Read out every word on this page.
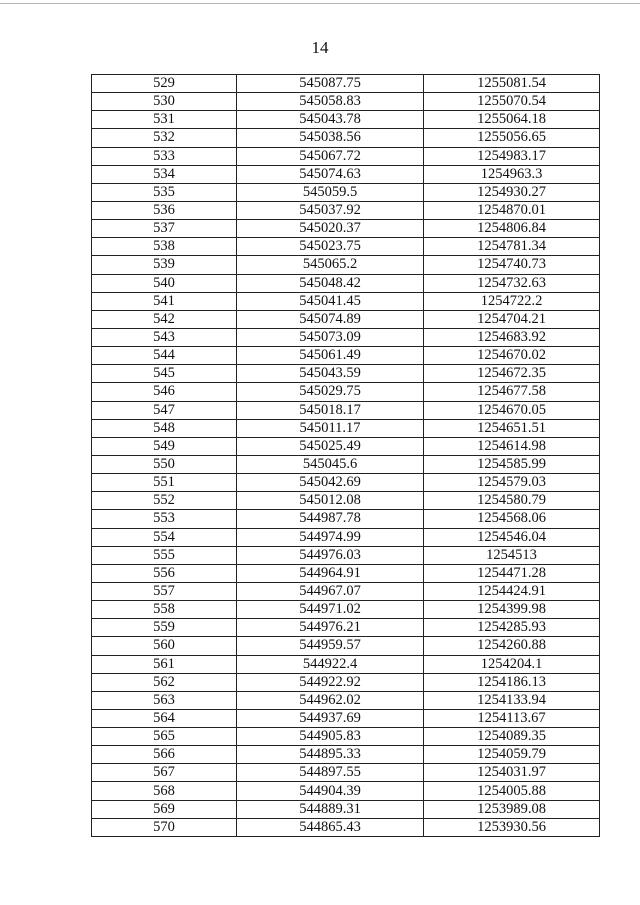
14
529	545087.75	1255081.54
530	545058.83	1255070.54
531	545043.78	1255064.18
532	545038.56	1255056.65
533	545067.72	1254983.17
534	545074.63	1254963.3
535	545059.5	1254930.27
536	545037.92	1254870.01
537	545020.37	1254806.84
538	545023.75	1254781.34
539	545065.2	1254740.73
540	545048.42	1254732.63
541	545041.45	1254722.2
542	545074.89	1254704.21
543	545073.09	1254683.92
544	545061.49	1254670.02
545	545043.59	1254672.35
546	545029.75	1254677.58
547	545018.17	1254670.05
548	545011.17	1254651.51
549	545025.49	1254614.98
550	545045.6	1254585.99
551	545042.69	1254579.03
552	545012.08	1254580.79
553	544987.78	1254568.06
554	544974.99	1254546.04
555	544976.03	1254513
556	544964.91	1254471.28
557	544967.07	1254424.91
558	544971.02	1254399.98
559	544976.21	1254285.93
560	544959.57	1254260.88
561	544922.4	1254204.1
562	544922.92	1254186.13
563	544962.02	1254133.94
564	544937.69	1254113.67
565	544905.83	1254089.35
566	544895.33	1254059.79
567	544897.55	1254031.97
568	544904.39	1254005.88
569	544889.31	1253989.08
570	544865.43	1253930.56
